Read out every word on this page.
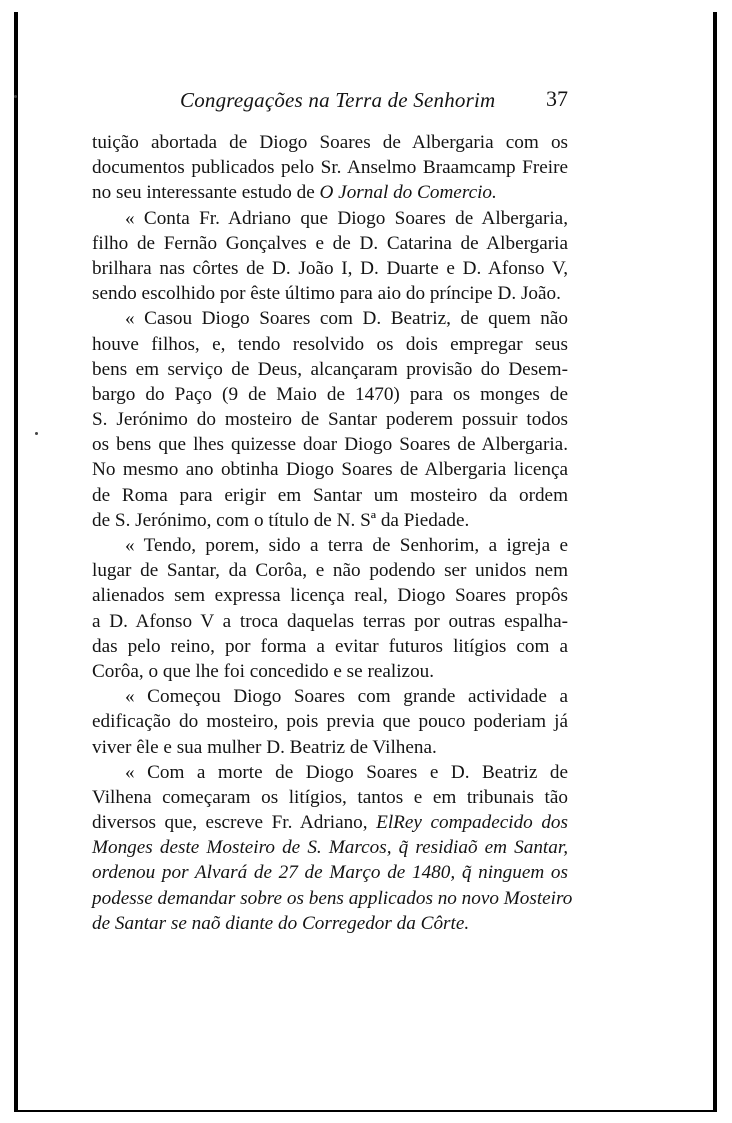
Congregações na Terra de Senhorim 37
tuição abortada de Diogo Soares de Albergaria com os
documentos publicados pelo Sr. Anselmo Braamcamp Freire
no seu interessante estudo de O Jornal do Comercio.
« Conta Fr. Adriano que Diogo Soares de Albergaria,
filho de Fernão Gonçalves e de D. Catarina de Albergaria
brilhara nas côrtes de D. João I, D. Duarte e D. Afonso V,
sendo escolhido por êste último para aio do príncipe D. João.
« Casou Diogo Soares com D. Beatriz, de quem não
houve filhos, e, tendo resolvido os dois empregar seus
bens em serviço de Deus, alcançaram provisão do Desem-
bargo do Paço (9 de Maio de 1470) para os monges de
S. Jerónimo do mosteiro de Santar poderem possuir todos
os bens que lhes quizesse doar Diogo Soares de Albergaria.
No mesmo ano obtinha Diogo Soares de Albergaria licença
de Roma para erigir em Santar um mosteiro da ordem
de S. Jerónimo, com o título de N. Sª da Piedade.
« Tendo, porem, sido a terra de Senhorim, a igreja e
lugar de Santar, da Corôa, e não podendo ser unidos nem
alienados sem expressa licença real, Diogo Soares propôs
a D. Afonso V a troca daquelas terras por outras espalha-
das pelo reino, por forma a evitar futuros litígios com a
Corôa, o que lhe foi concedido e se realizou.
« Começou Diogo Soares com grande actividade a
edificação do mosteiro, pois previa que pouco poderiam já
viver êle e sua mulher D. Beatriz de Vilhena.
« Com a morte de Diogo Soares e D. Beatriz de
Vilhena começaram os litígios, tantos e em tribunais tão
diversos que, escreve Fr. Adriano, ElRey compadecido dos
Monges deste Mosteiro de S. Marcos, q̃ residiaõ em Santar,
ordenou por Alvará de 27 de Março de 1480, q̃ ninguem os
podesse demandar sobre os bens applicados no novo Mosteiro
de Santar se naõ diante do Corregedor da Côrte.
